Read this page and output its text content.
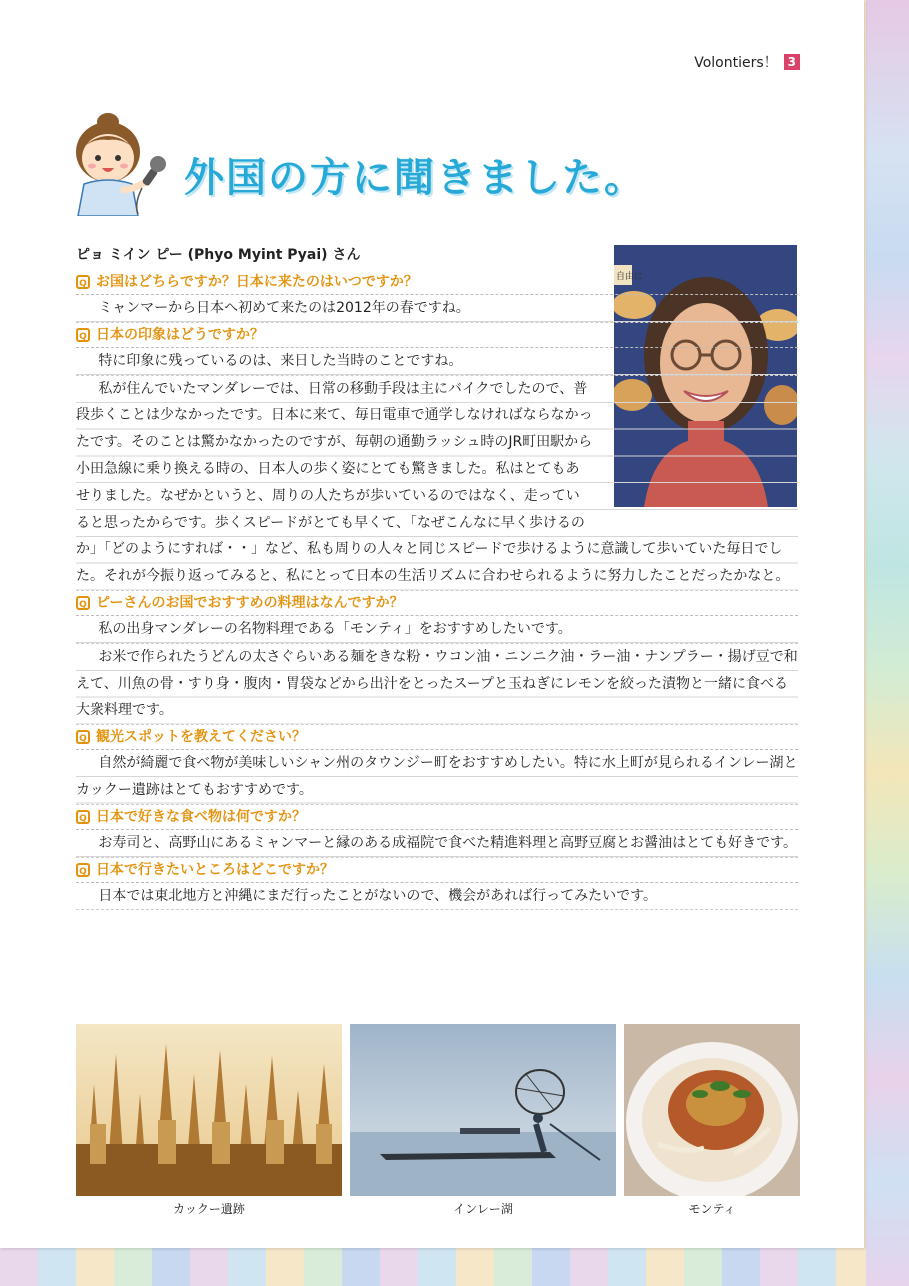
Volontiers！ 3
外国の方に聞きました。
自由に
ピョ ミイン ピー (Phyo Myint Pyai) さん
Q お国はどちらですか？日本に来たのはいつですか？

ミャンマーから日本へ初めて来たのは2012年の春ですね。

Q 日本の印象はどうですか？

特に印象に残っているのは、来日した当時のことですね。

私が住んでいたマンダレーでは、日常の移動手段は主にバイクでしたので、普段歩くことは少なかったです。日本に来て、毎日電車で通学しなければならなかったです。そのことは驚かなかったのですが、毎朝の通勤ラッシュ時のJR町田駅から小田急線に乗り換える時の、日本人の歩く姿にとても驚きました。私はとてもあせりました。なぜかというと、周りの人たちが歩いているのではなく、走っていると思ったからです。歩くスピードがとても早くて、「なぜこんなに早く歩けるのか」「どのようにすれば・・」など、私も周りの人々と同じスピードで歩けるように意識して歩いていた毎日でした。それが今振り返ってみると、私にとって日本の生活リズムに合わせられるように努力したことだったかなと。

Q ピーさんのお国でおすすめの料理はなんですか？

私の出身マンダレーの名物料理である「モンティ」をおすすめしたいです。

お米で作られたうどんの太さぐらいある麺をきな粉・ウコン油・ニンニク油・ラー油・ナンプラー・揚げ豆で和えて、川魚の骨・すり身・腹肉・胃袋などから出汁をとったスープと玉ねぎにレモンを絞った漬物と一緒に食べる大衆料理です。

Q 観光スポットを教えてください？

自然が綺麗で食べ物が美味しいシャン州のタウンジー町をおすすめしたい。特に水上町が見られるインレー湖とカックー遺跡はとてもおすすめです。

Q 日本で好きな食べ物は何ですか？

お寿司と、高野山にあるミャンマーと縁のある成福院で食べた精進料理と高野豆腐とお醤油はとても好きです。

Q 日本で行きたいところはどこですか？

日本では東北地方と沖縄にまだ行ったことがないので、機会があれば行ってみたいです。

カックー遺跡	インレー湖	モンティ
